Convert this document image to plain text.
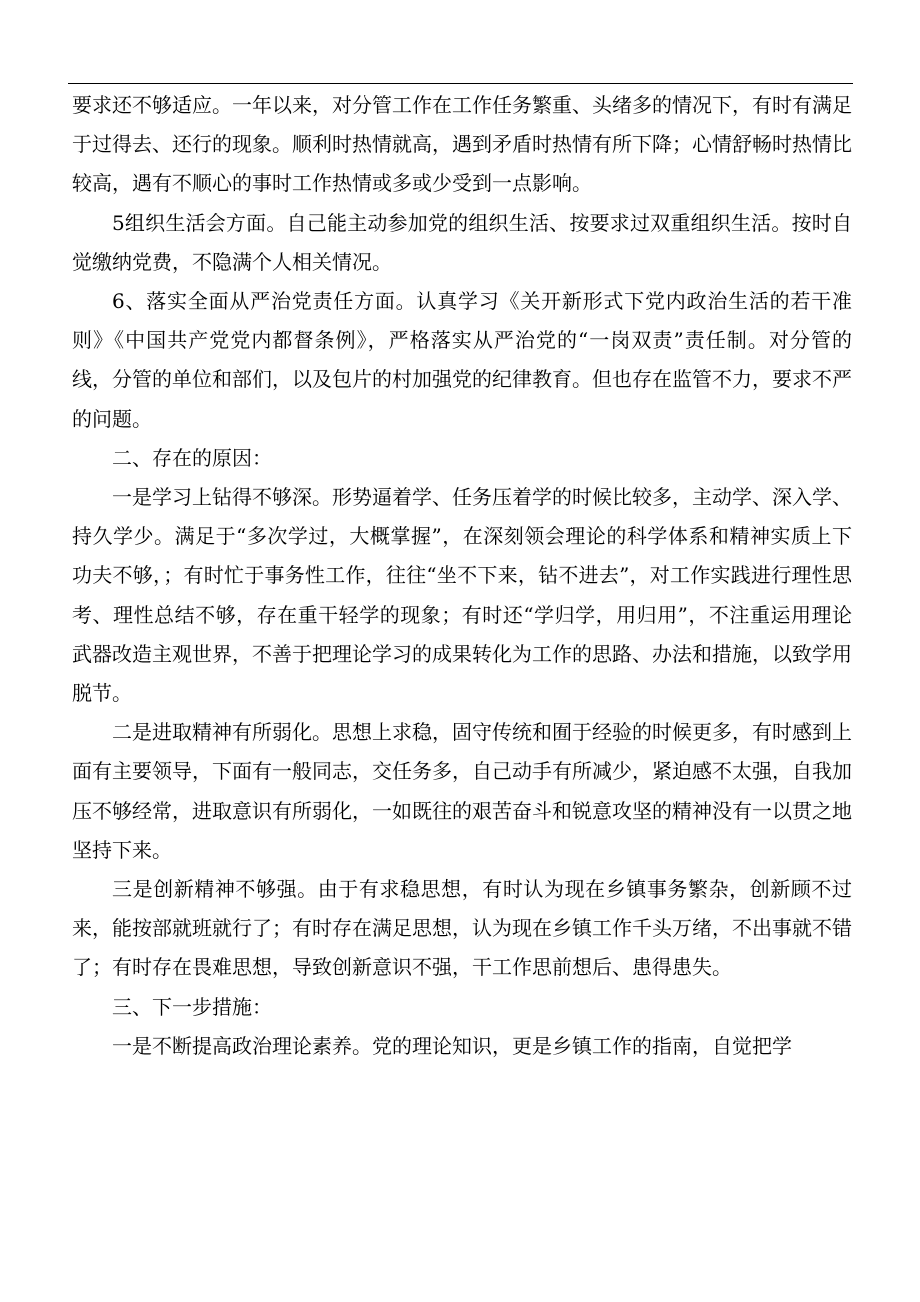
要求还不够适应。一年以来，对分管工作在工作任务繁重、头绪多的情况下，有时有满足于过得去、还行的现象。顺利时热情就高，遇到矛盾时热情有所下降；心情舒畅时热情比较高，遇有不顺心的事时工作热情或多或少受到一点影响。

5组织生活会方面。自己能主动参加党的组织生活、按要求过双重组织生活。按时自觉缴纳党费，不隐满个人相关情况。

6、落实全面从严治党责任方面。认真学习《关开新形式下党内政治生活的若干准则》《中国共产党党内都督条例》，严格落实从严治党的“一岗双责”责任制。对分管的线，分管的单位和部们，以及包片的村加强党的纪律教育。但也存在监管不力，要求不严的问题。

二、存在的原因：

一是学习上钻得不够深。形势逼着学、任务压着学的时候比较多，主动学、深入学、持久学少。满足于“多次学过，大概掌握”，在深刻领会理论的科学体系和精神实质上下功夫不够，；有时忙于事务性工作，往往“坐不下来，钻不进去”，对工作实践进行理性思考、理性总结不够，存在重干轻学的现象；有时还“学归学，用归用”，不注重运用理论武器改造主观世界，不善于把理论学习的成果转化为工作的思路、办法和措施，以致学用脱节。

二是进取精神有所弱化。思想上求稳，固守传统和囿于经验的时候更多，有时感到上面有主要领导，下面有一般同志，交任务多，自己动手有所减少，紧迫感不太强，自我加压不够经常，进取意识有所弱化，一如既往的艰苦奋斗和锐意攻坚的精神没有一以贯之地坚持下来。

三是创新精神不够强。由于有求稳思想，有时认为现在乡镇事务繁杂，创新顾不过来，能按部就班就行了；有时存在满足思想，认为现在乡镇工作千头万绪，不出事就不错了；有时存在畏难思想，导致创新意识不强，干工作思前想后、患得患失。

三、下一步措施：

一是不断提高政治理论素养。党的理论知识，更是乡镇工作的指南，自觉把学
